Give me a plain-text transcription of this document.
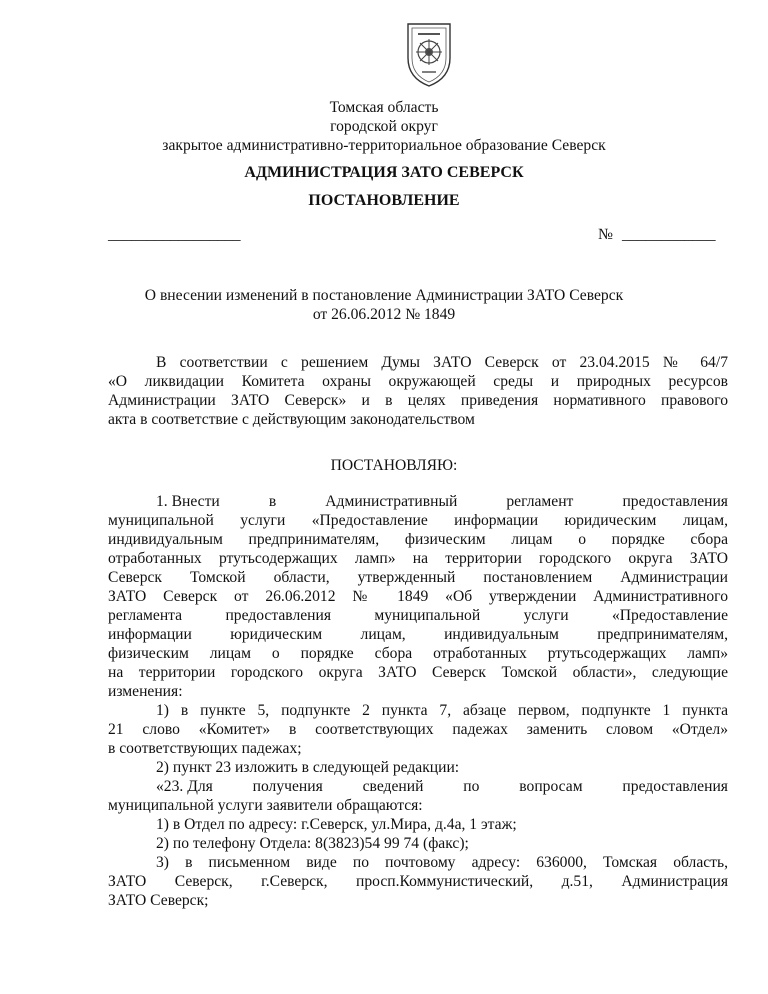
Томская область
городской округ
закрытое административно-территориальное образование Северск
АДМИНИСТРАЦИЯ ЗАТО СЕВЕРСК
ПОСТАНОВЛЕНИЕ
_________________	№ ____________
О внесении изменений в постановление Администрации ЗАТО Северск
от 26.06.2012 № 1849
В соответствии с решением Думы ЗАТО Северск от 23.04.2015 № 64/7
«О ликвидации Комитета охраны окружающей среды и природных ресурсов
Администрации ЗАТО Северск» и в целях приведения нормативного правового
акта в соответствие с действующим законодательством
ПОСТАНОВЛЯЮ:
1. Внести	в	Административный	регламент	предоставления
муниципальной услуги «Предоставление информации юридическим лицам,
индивидуальным предпринимателям, физическим лицам о порядке сбора
отработанных ртутьсодержащих ламп» на территории городского округа ЗАТО
Северск Томской области, утвержденный постановлением Администрации
ЗАТО Северск от 26.06.2012 № 1849 «Об утверждении Административного
регламента предоставления муниципальной услуги «Предоставление
информации юридическим лицам, индивидуальным предпринимателям,
физическим лицам о порядке сбора отработанных ртутьсодержащих ламп»
на территории городского округа ЗАТО Северск Томской области», следующие
изменения:
1) в пункте 5, подпункте 2 пункта 7, абзаце первом, подпункте 1 пункта
21 слово «Комитет» в соответствующих падежах заменить словом «Отдел»
в соответствующих падежах;
2) пункт 23 изложить в следующей редакции:
«23. Для	получения	сведений	по	вопросам	предоставления
муниципальной услуги заявители обращаются:
1) в Отдел по адресу: г.Северск, ул.Мира, д.4а, 1 этаж;
2) по телефону Отдела: 8(3823)54 99 74 (факс);
3) в письменном виде по почтовому адресу: 636000, Томская область,
ЗАТО Северск, г.Северск, просп.Коммунистический, д.51, Администрация
ЗАТО Северск;
